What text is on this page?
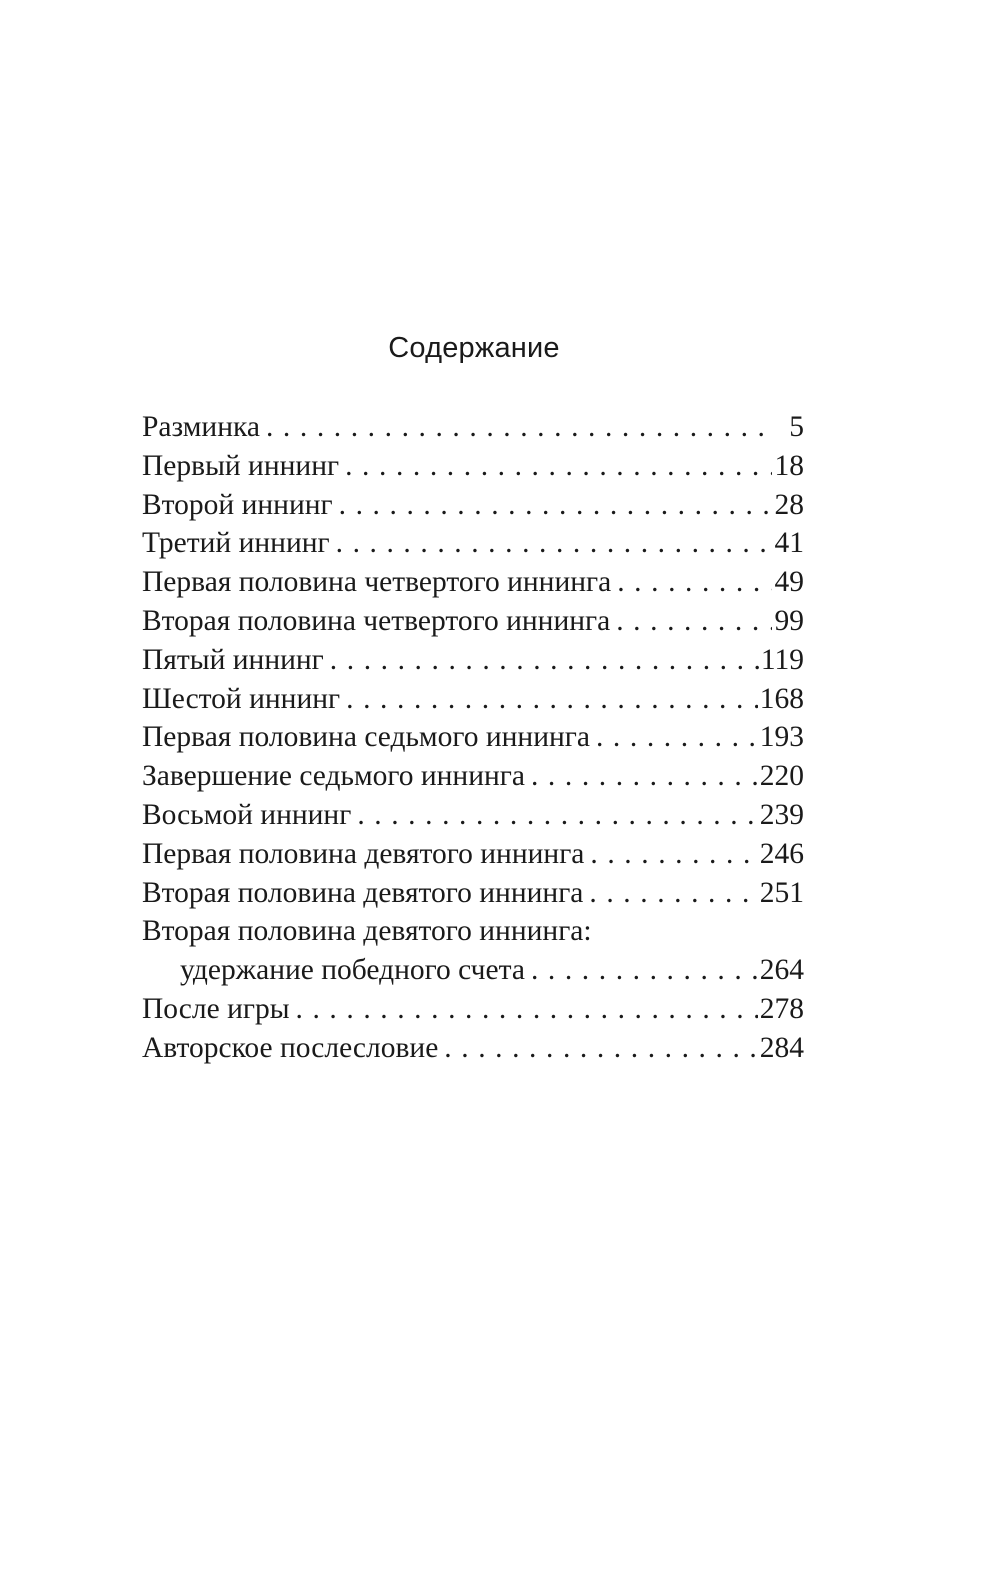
Содержание
Разминка . . .	5
Первый иннинг . . .	18
Второй иннинг . . .	28
Третий иннинг . . .	41
Первая половина четвертого иннинга . . .	49
Вторая половина четвертого иннинга . . .	99
Пятый иннинг . . .	119
Шестой иннинг . . .	168
Первая половина седьмого иннинга . . .	193
Завершение седьмого иннинга . . .	220
Восьмой иннинг . . .	239
Первая половина девятого иннинга . . .	246
Вторая половина девятого иннинга . . .	251
Вторая половина девятого иннинга:
удержание победного счета . . .	264
После игры . . .	278
Авторское послесловие . . .	284
